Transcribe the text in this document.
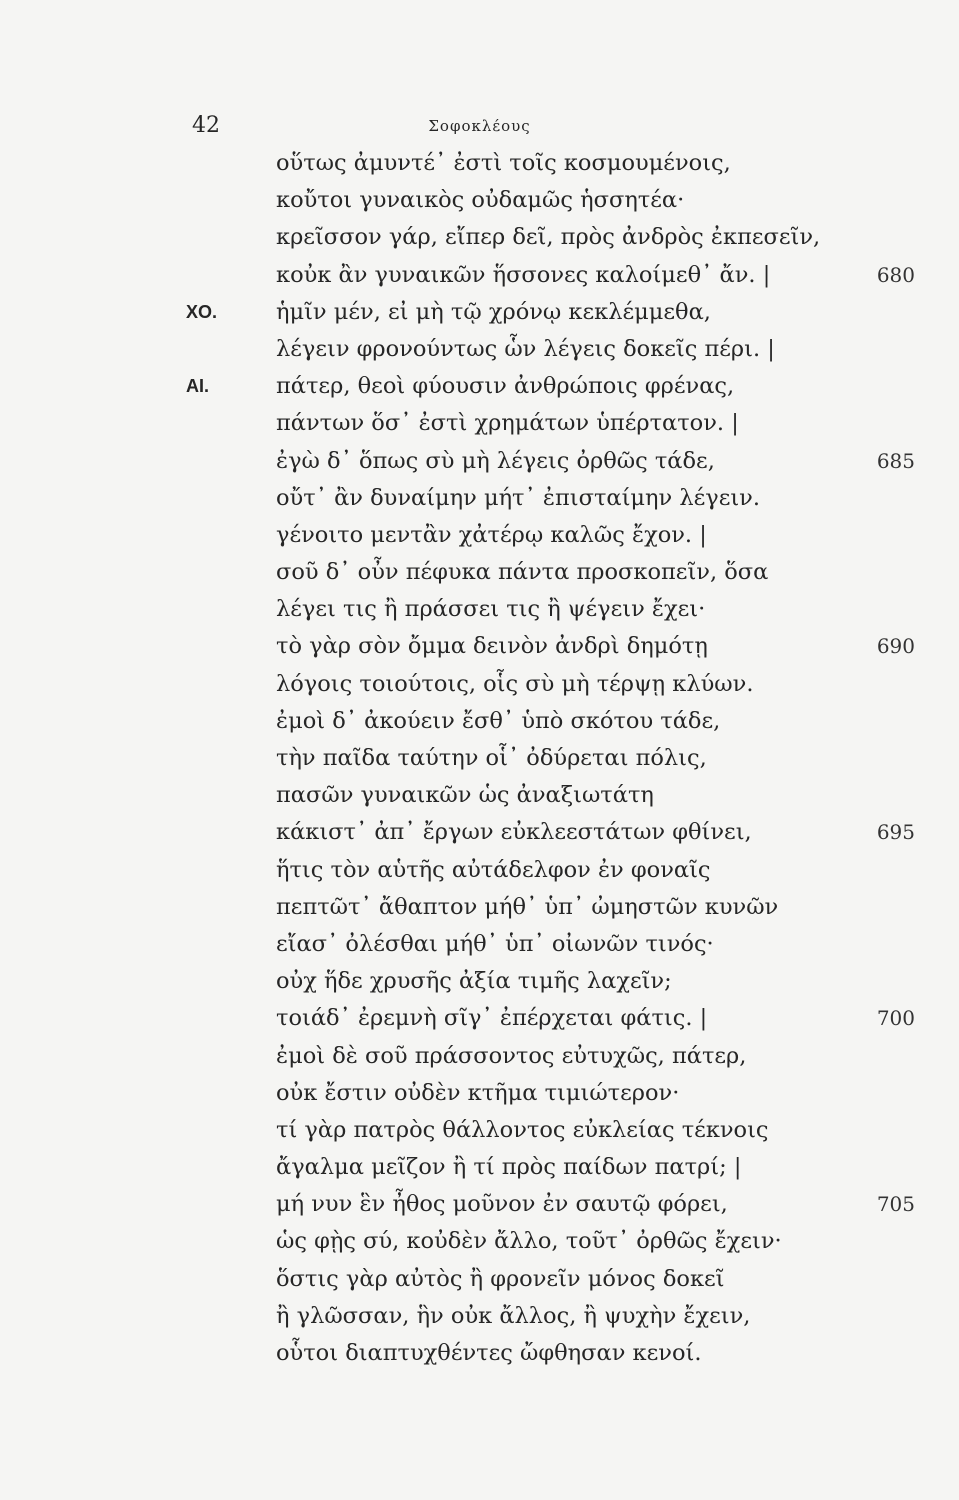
42	Σοφοκλέους
οὕτως ἀμυντέ᾽ ἐστὶ τοῖς κοσμουμένοις,
κοὔτοι γυναικὸς οὐδαμῶς ἡσσητέα·
κρεῖσσον γάρ, εἴπερ δεῖ, πρὸς ἀνδρὸς ἐκπεσεῖν,
κοὐκ ἂν γυναικῶν ἥσσονες καλοίμεθ᾽ ἄν. |	680
ΧΟ.	ἡμῖν μέν, εἰ μὴ τῷ χρόνῳ κεκλέμμεθα,
λέγειν φρονούντως ὧν λέγεις δοκεῖς πέρι. |
ΑΙ.	πάτερ, θεοὶ φύουσιν ἀνθρώποις φρένας,
πάντων ὅσ᾽ ἐστὶ χρημάτων ὑπέρτατον. |
ἐγὼ δ᾽ ὅπως σὺ μὴ λέγεις ὀρθῶς τάδε,	685
οὔτ᾽ ἂν δυναίμην μήτ᾽ ἐπισταίμην λέγειν.
γένοιτο μεντἂν χἀτέρῳ καλῶς ἔχον. |
σοῦ δ᾽ οὖν πέφυκα πάντα προσκοπεῖν, ὅσα
λέγει τις ἢ πράσσει τις ἢ ψέγειν ἔχει·
τὸ γὰρ σὸν ὄμμα δεινὸν ἀνδρὶ δημότῃ	690
λόγοις τοιούτοις, οἷς σὺ μὴ τέρψῃ κλύων.
ἐμοὶ δ᾽ ἀκούειν ἔσθ᾽ ὑπὸ σκότου τάδε,
τὴν παῖδα ταύτην οἷ᾽ ὀδύρεται πόλις,
πασῶν γυναικῶν ὡς ἀναξιωτάτη
κάκιστ᾽ ἀπ᾽ ἔργων εὐκλεεστάτων φθίνει,	695
ἥτις τὸν αὑτῆς αὐτάδελφον ἐν φοναῖς
πεπτῶτ᾽ ἄθαπτον μήθ᾽ ὑπ᾽ ὠμηστῶν κυνῶν
εἴασ᾽ ὀλέσθαι μήθ᾽ ὑπ᾽ οἰωνῶν τινός·
οὐχ ἥδε χρυσῆς ἀξία τιμῆς λαχεῖν;
τοιάδ᾽ ἐρεμνὴ σῖγ᾽ ἐπέρχεται φάτις. |	700
ἐμοὶ δὲ σοῦ πράσσοντος εὐτυχῶς, πάτερ,
οὐκ ἔστιν οὐδὲν κτῆμα τιμιώτερον·
τί γὰρ πατρὸς θάλλοντος εὐκλείας τέκνοις
ἄγαλμα μεῖζον ἢ τί πρὸς παίδων πατρί; |
μή νυν ἓν ἦθος μοῦνον ἐν σαυτῷ φόρει,	705
ὡς φῂς σύ, κοὐδὲν ἄλλο, τοῦτ᾽ ὀρθῶς ἔχειν·
ὅστις γὰρ αὐτὸς ἢ φρονεῖν μόνος δοκεῖ
ἢ γλῶσσαν, ἣν οὐκ ἄλλος, ἢ ψυχὴν ἔχειν,
οὗτοι διαπτυχθέντες ὤφθησαν κενοί.
